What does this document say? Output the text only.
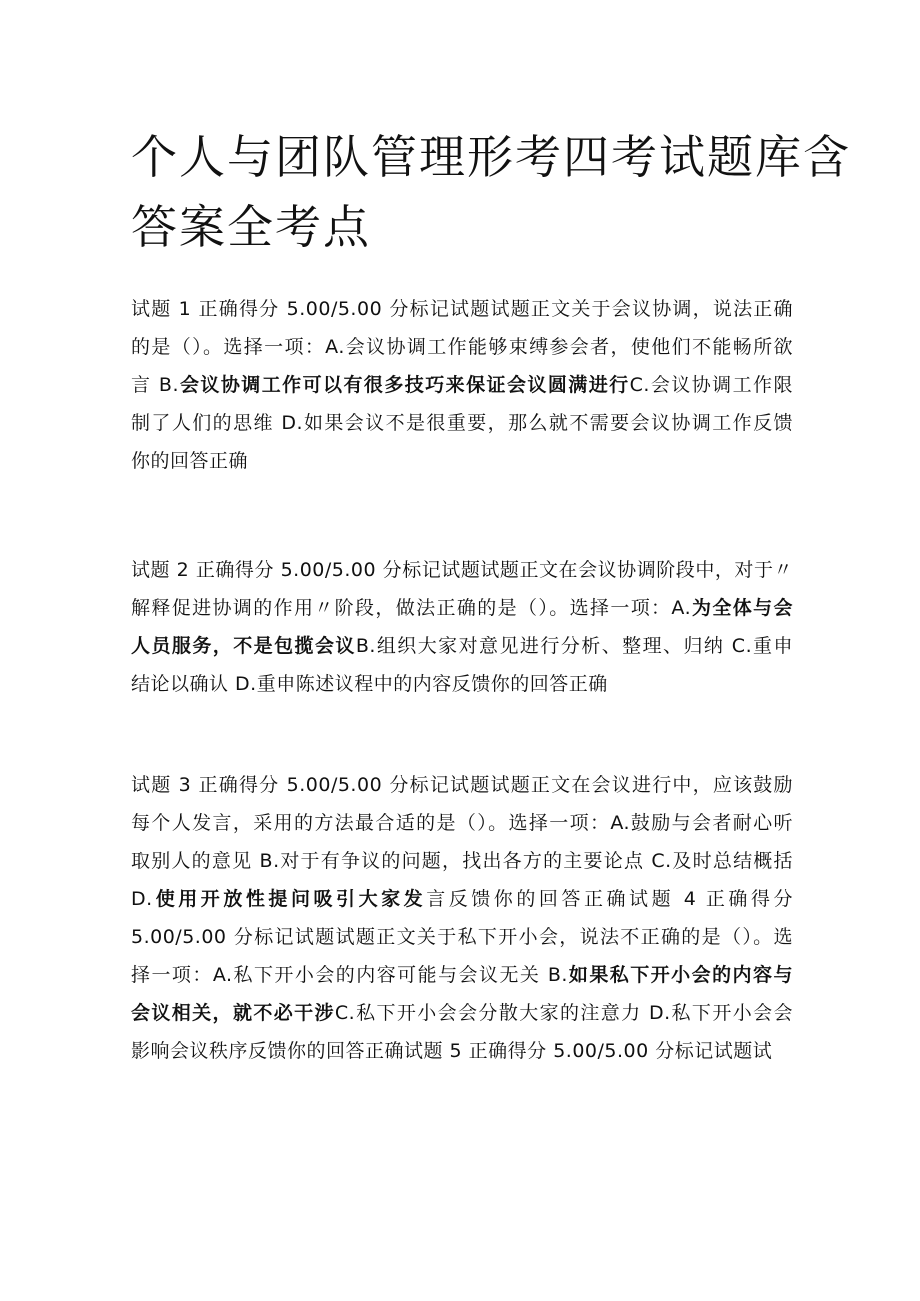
个人与团队管理形考四考试题库含
答案全考点

试题 1 正确得分 5.00/5.00 分标记试题试题正文关于会议协调，说法正确
的是（）。选择一项：A.会议协调工作能够束缚参会者，使他们不能畅所欲
言 B.会议协调工作可以有很多技巧来保证会议圆满进行C.会议协调工作限
制了人们的思维 D.如果会议不是很重要，那么就不需要会议协调工作反馈
你的回答正确

试题 2 正确得分 5.00/5.00 分标记试题试题正文在会议协调阶段中，对于〃
解释促进协调的作用〃阶段，做法正确的是（）。选择一项：A.为全体与会
人员服务，不是包揽会议B.组织大家对意见进行分析、整理、归纳 C.重申
结论以确认 D.重申陈述议程中的内容反馈你的回答正确

试题 3 正确得分 5.00/5.00 分标记试题试题正文在会议进行中，应该鼓励
每个人发言，采用的方法最合适的是（）。选择一项：A.鼓励与会者耐心听
取别人的意见 B.对于有争议的问题，找出各方的主要论点 C.及时总结概括
D.使用开放性提问吸引大家发言反馈你的回答正确试题 4 正确得分
5.00/5.00 分标记试题试题正文关于私下开小会，说法不正确的是（）。选
择一项：A.私下开小会的内容可能与会议无关 B.如果私下开小会的内容与
会议相关，就不必干涉C.私下开小会会分散大家的注意力 D.私下开小会会
影响会议秩序反馈你的回答正确试题 5 正确得分 5.00/5.00 分标记试题试
